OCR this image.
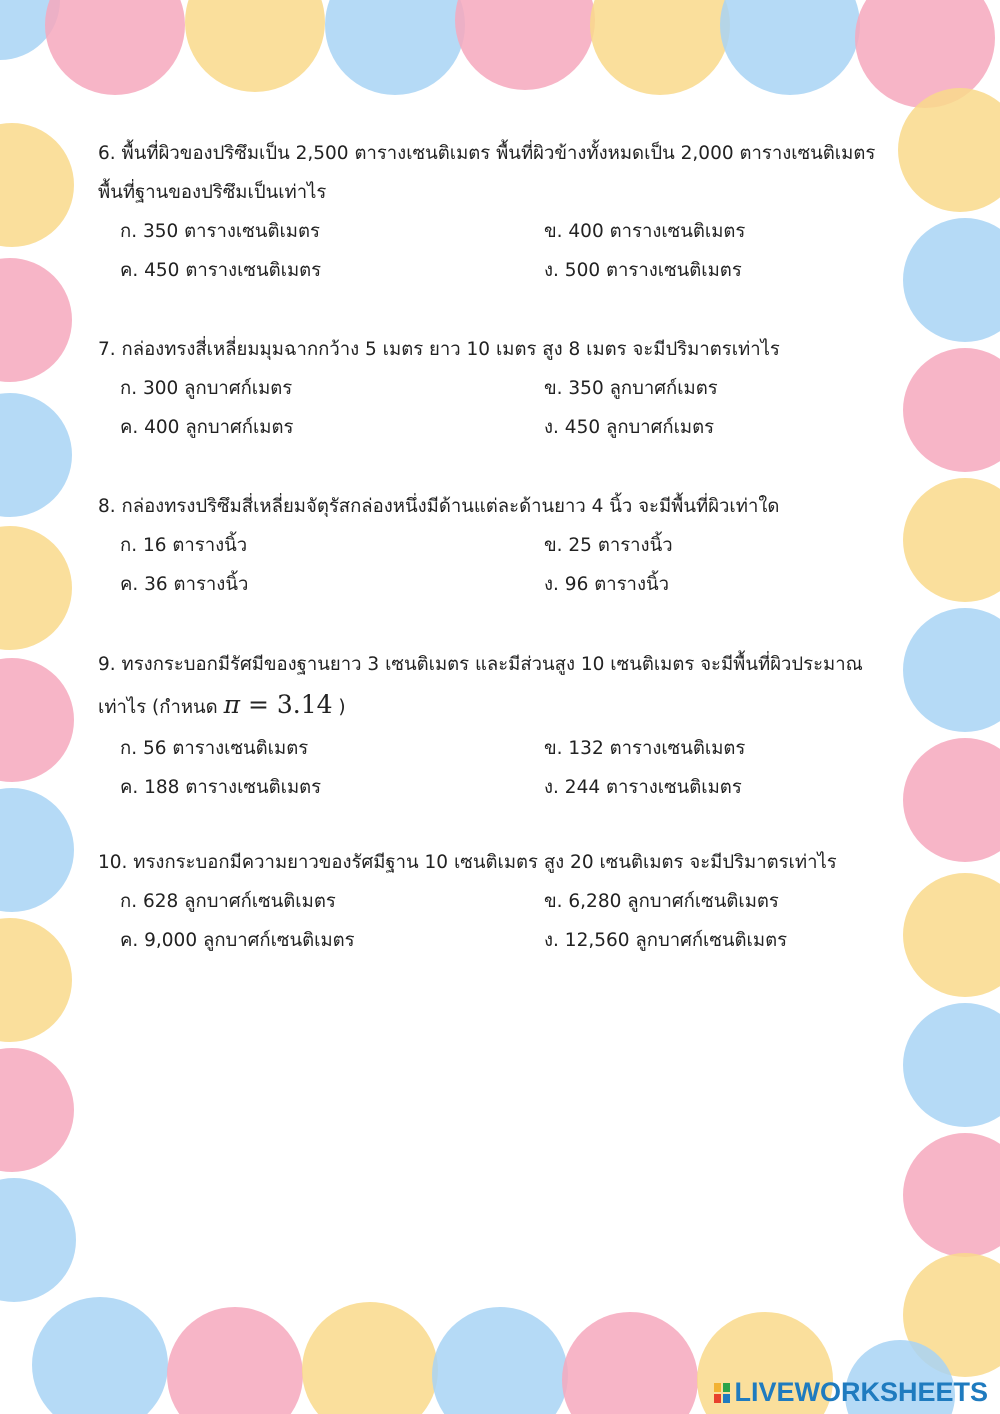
6. พื้นที่ผิวของปริซึมเป็น 2,500 ตารางเซนติเมตร พื้นที่ผิวข้างทั้งหมดเป็น 2,000 ตารางเซนติเมตร

พื้นที่ฐานของปริซึมเป็นเท่าไร

ก. 350 ตารางเซนติเมตร	ข. 400 ตารางเซนติเมตร
ค. 450 ตารางเซนติเมตร	ง. 500 ตารางเซนติเมตร

7. กล่องทรงสี่เหลี่ยมมุมฉากกว้าง 5 เมตร ยาว 10 เมตร สูง 8 เมตร จะมีปริมาตรเท่าไร

ก. 300 ลูกบาศก์เมตร	ข. 350 ลูกบาศก์เมตร
ค. 400 ลูกบาศก์เมตร	ง. 450 ลูกบาศก์เมตร

8. กล่องทรงปริซึมสี่เหลี่ยมจัตุรัสกล่องหนึ่งมีด้านแต่ละด้านยาว 4 นิ้ว จะมีพื้นที่ผิวเท่าใด

ก. 16 ตารางนิ้ว	ข. 25 ตารางนิ้ว
ค. 36 ตารางนิ้ว	ง. 96 ตารางนิ้ว

9. ทรงกระบอกมีรัศมีของฐานยาว 3 เซนติเมตร และมีส่วนสูง 10 เซนติเมตร จะมีพื้นที่ผิวประมาณ

เท่าไร (กำหนด π = 3.14 )

ก. 56 ตารางเซนติเมตร	ข. 132 ตารางเซนติเมตร
ค. 188 ตารางเซนติเมตร	ง. 244 ตารางเซนติเมตร

10. ทรงกระบอกมีความยาวของรัศมีฐาน 10 เซนติเมตร สูง 20 เซนติเมตร จะมีปริมาตรเท่าไร

ก. 628 ลูกบาศก์เซนติเมตร	ข. 6,280 ลูกบาศก์เซนติเมตร
ค. 9,000 ลูกบาศก์เซนติเมตร	ง. 12,560 ลูกบาศก์เซนติเมตร
LIVEWORKSHEETS
